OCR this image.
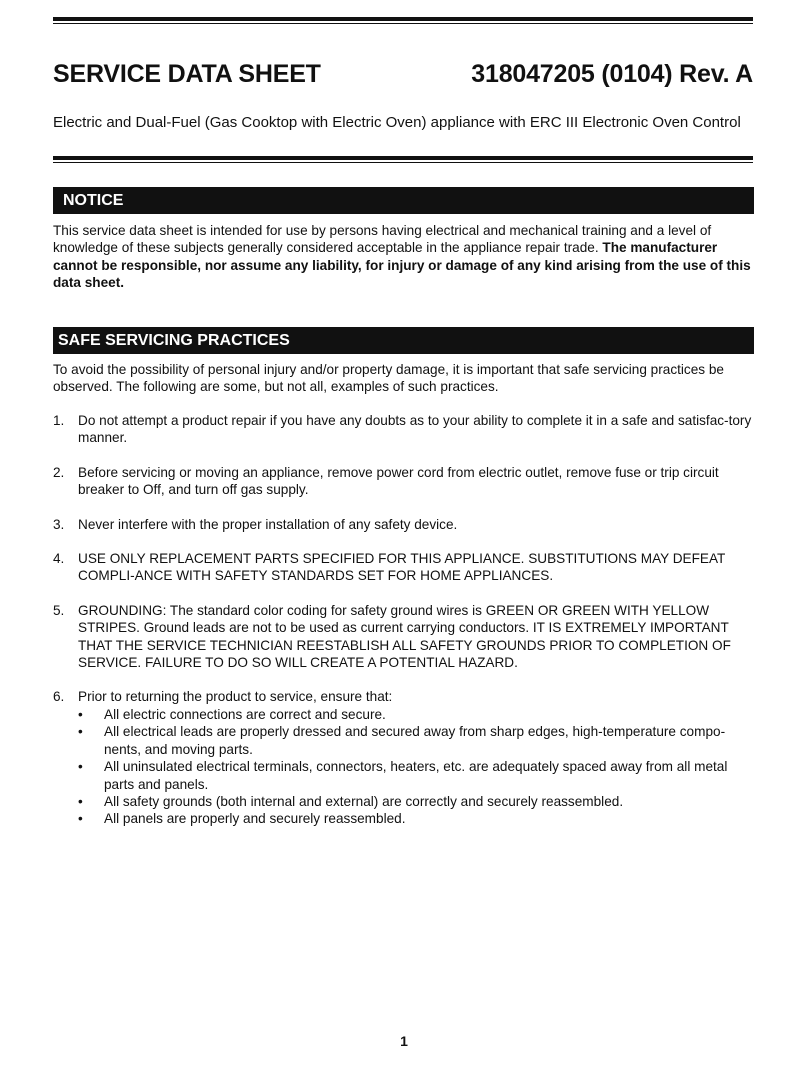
SERVICE DATA SHEET	318047205 (0104) Rev. A
Electric and Dual-Fuel (Gas Cooktop with Electric Oven) appliance with ERC III Electronic Oven Control
NOTICE
This service data sheet is intended for use by persons having electrical and mechanical training and a level of knowledge of these subjects generally considered acceptable in the appliance repair trade. The manufacturer cannot be responsible, nor assume any liability, for injury or damage of any kind arising from the use of this data sheet.
SAFE SERVICING PRACTICES
To avoid the possibility of personal injury and/or property damage, it is important that safe servicing practices be observed. The following are some, but not all, examples of such practices.
1. Do not attempt a product repair if you have any doubts as to your ability to complete it in a safe and satisfac-tory manner.
2. Before servicing or moving an appliance, remove power cord from electric outlet, remove fuse or trip circuit breaker to Off, and turn off gas supply.
3. Never interfere with the proper installation of any safety device.
4. USE ONLY REPLACEMENT PARTS SPECIFIED FOR THIS APPLIANCE. SUBSTITUTIONS MAY DEFEAT COMPLI-ANCE WITH SAFETY STANDARDS SET FOR HOME APPLIANCES.
5. GROUNDING: The standard color coding for safety ground wires is GREEN OR GREEN WITH YELLOW STRIPES. Ground leads are not to be used as current carrying conductors. IT IS EXTREMELY IMPORTANT THAT THE SERVICE TECHNICIAN REESTABLISH ALL SAFETY GROUNDS PRIOR TO COMPLETION OF SERVICE. FAILURE TO DO SO WILL CREATE A POTENTIAL HAZARD.
6. Prior to returning the product to service, ensure that:
• All electric connections are correct and secure.
• All electrical leads are properly dressed and secured away from sharp edges, high-temperature compo-nents, and moving parts.
• All uninsulated electrical terminals, connectors, heaters, etc. are adequately spaced away from all metal parts and panels.
• All safety grounds (both internal and external) are correctly and securely reassembled.
• All panels are properly and securely reassembled.
1
